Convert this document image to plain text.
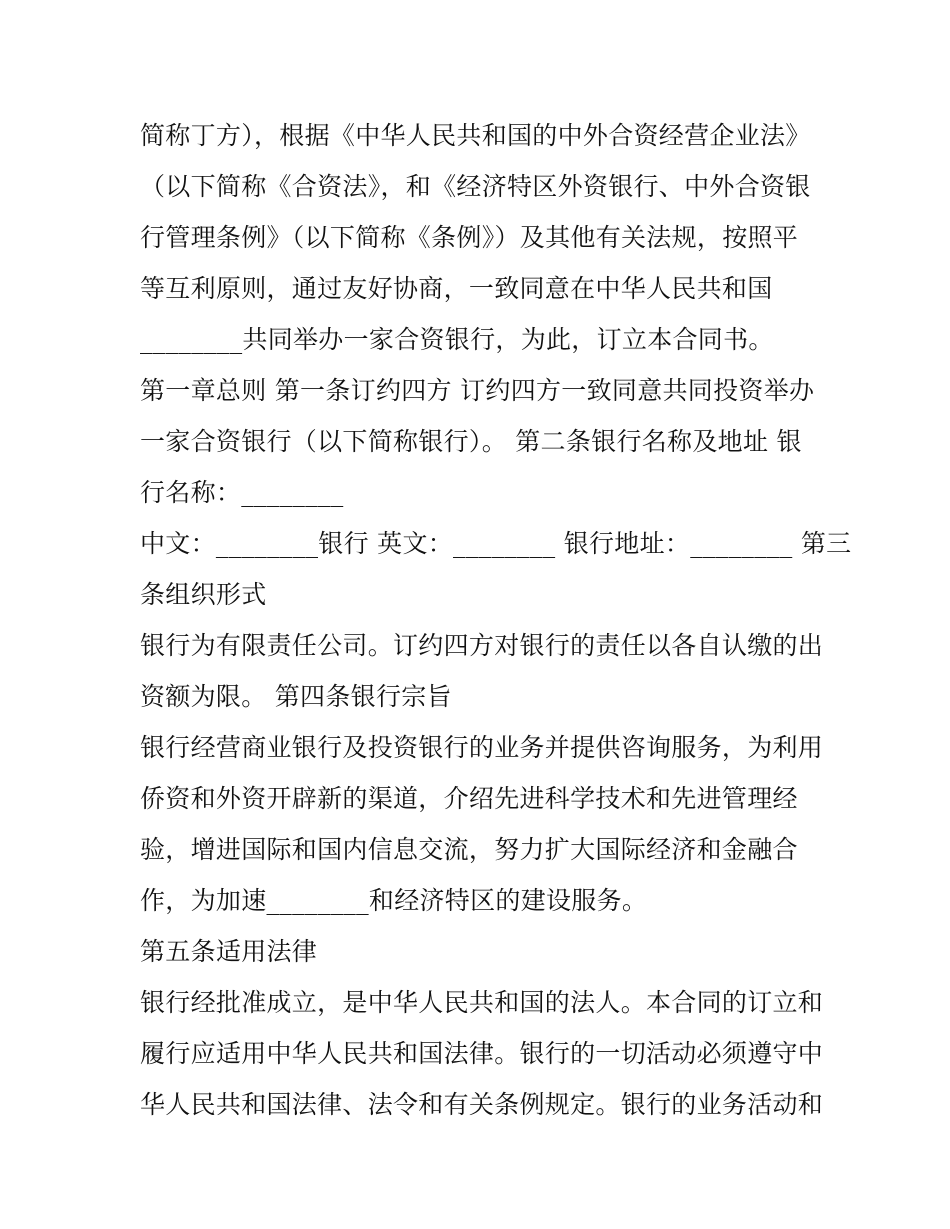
简称丁方），根据《中华人民共和国的中外合资经营企业法》
（以下简称《合资法》，和《经济特区外资银行、中外合资银
行管理条例》（以下简称《条例》）及其他有关法规，按照平
等互利原则，通过友好协商，一致同意在中华人民共和国
________共同举办一家合资银行，为此，订立本合同书。
第一章总则 第一条订约四方 订约四方一致同意共同投资举办
一家合资银行（以下简称银行）。 第二条银行名称及地址 银
行名称：________
中文：________银行 英文：________ 银行地址：________ 第三
条组织形式
银行为有限责任公司。订约四方对银行的责任以各自认缴的出
资额为限。 第四条银行宗旨
银行经营商业银行及投资银行的业务并提供咨询服务，为利用
侨资和外资开辟新的渠道，介绍先进科学技术和先进管理经
验，增进国际和国内信息交流，努力扩大国际经济和金融合
作，为加速________和经济特区的建设服务。
第五条适用法律
银行经批准成立，是中华人民共和国的法人。本合同的订立和
履行应适用中华人民共和国法律。银行的一切活动必须遵守中
华人民共和国法律、法令和有关条例规定。银行的业务活动和
